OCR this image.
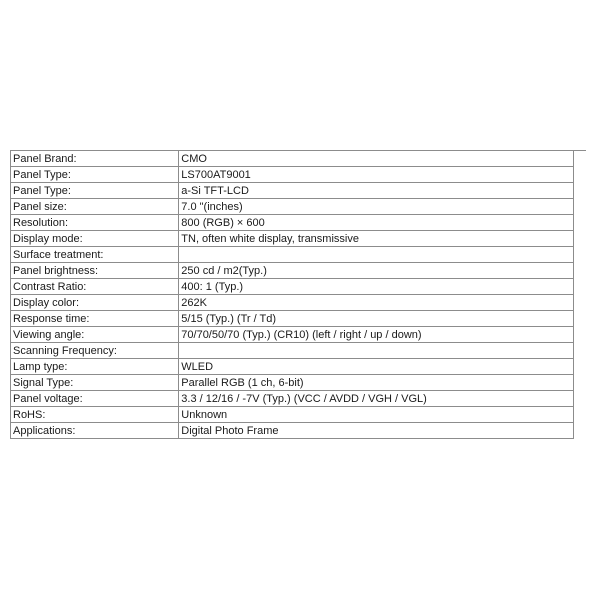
Panel Brand:	CMO	
Panel Type:	LS700AT9001	
Panel Type:	a-Si TFT-LCD	
Panel size:	7.0 "(inches)	
Resolution:	800 (RGB) × 600	
Display mode:	TN, often white display, transmissive	
Surface treatment:		
Panel brightness:	250 cd / m2(Typ.)	
Contrast Ratio:	400: 1 (Typ.)	
Display color:	262K	
Response time:	5/15 (Typ.) (Tr / Td)	
Viewing angle:	70/70/50/70 (Typ.) (CR10) (left / right / up / down)	
Scanning Frequency:		
Lamp type:	WLED	
Signal Type:	Parallel RGB (1 ch, 6-bit)	
Panel voltage:	3.3 / 12/16 / -7V (Typ.) (VCC / AVDD / VGH / VGL)	
RoHS:	Unknown	
Applications:	Digital Photo Frame	
